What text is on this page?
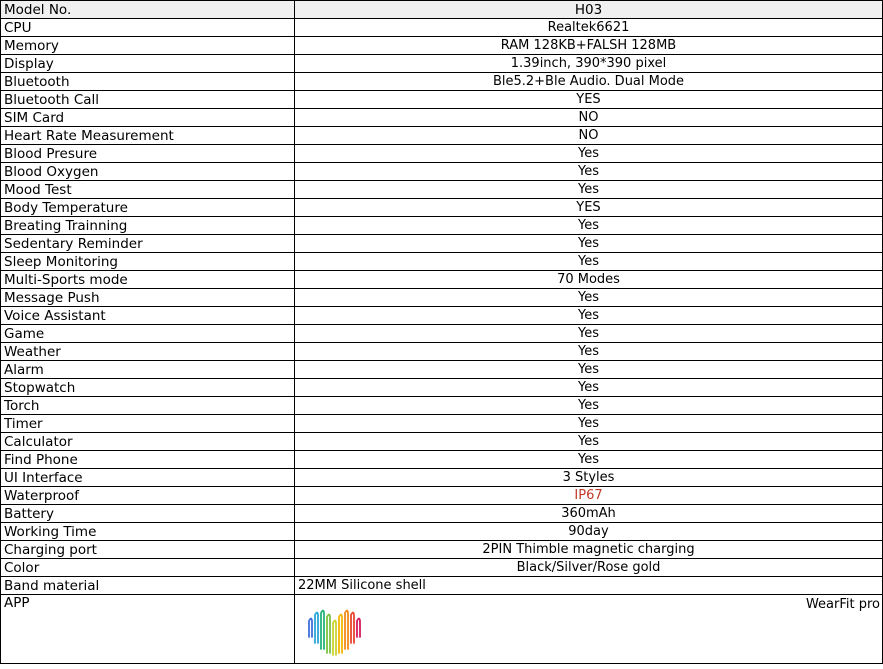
Model No.	H03
CPU	Realtek6621
Memory	RAM 128KB+FALSH 128MB
Display	1.39inch, 390*390 pixel
Bluetooth	Ble5.2+Ble Audio. Dual Mode
Bluetooth Call	YES
SIM Card	NO
Heart Rate Measurement	NO
Blood Presure	Yes
Blood Oxygen	Yes
Mood Test	Yes
Body Temperature	YES
Breating Trainning	Yes
Sedentary Reminder	Yes
Sleep Monitoring	Yes
Multi-Sports mode	70 Modes
Message Push	Yes
Voice Assistant	Yes
Game	Yes
Weather	Yes
Alarm	Yes
Stopwatch	Yes
Torch	Yes
Timer	Yes
Calculator	Yes
Find Phone	Yes
UI Interface	3 Styles
Waterproof	IP67
Battery	360mAh
Working Time	90day
Charging port	2PIN Thimble magnetic charging
Color	Black/Silver/Rose gold
Band material	22MM Silicone shell
APP	WearFit pro
